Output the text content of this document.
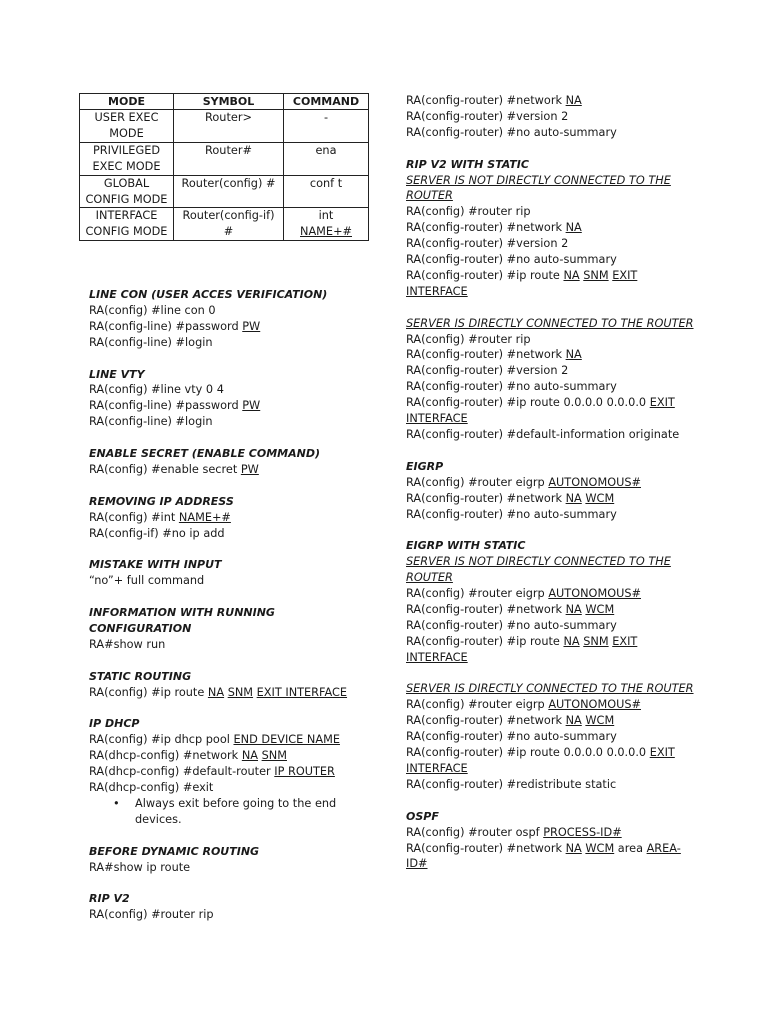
MODE	SYMBOL	COMMAND
USER EXEC MODE	Router>	-
PRIVILEGED EXEC MODE	Router#	ena
GLOBAL CONFIG MODE	Router(config) #	conf t
INTERFACE CONFIG MODE	Router(config-if) #	int
NAME+#
LINE CON (USER ACCES VERIFICATION)
RA(config) #line con 0
RA(config-line) #password PW
RA(config-line) #login
LINE VTY
RA(config) #line vty 0 4
RA(config-line) #password PW
RA(config-line) #login
ENABLE SECRET (ENABLE COMMAND)
RA(config) #enable secret PW
REMOVING IP ADDRESS
RA(config) #int NAME+#
RA(config-if) #no ip add
MISTAKE WITH INPUT
“no”+ full command
INFORMATION WITH RUNNING CONFIGURATION
RA#show run
STATIC ROUTING
RA(config) #ip route NA SNM EXIT INTERFACE
IP DHCP
RA(config) #ip dhcp pool END DEVICE NAME
RA(dhcp-config) #network NA SNM
RA(dhcp-config) #default-router IP ROUTER
RA(dhcp-config) #exit
• Always exit before going to the end devices.
BEFORE DYNAMIC ROUTING
RA#show ip route
RIP V2
RA(config) #router rip
RA(config-router) #network NA
RA(config-router) #version 2
RA(config-router) #no auto-summary
RIP V2 WITH STATIC
SERVER IS NOT DIRECTLY CONNECTED TO THE ROUTER
RA(config) #router rip
RA(config-router) #network NA
RA(config-router) #version 2
RA(config-router) #no auto-summary
RA(config-router) #ip route NA SNM EXIT INTERFACE
SERVER IS DIRECTLY CONNECTED TO THE ROUTER
RA(config) #router rip
RA(config-router) #network NA
RA(config-router) #version 2
RA(config-router) #no auto-summary
RA(config-router) #ip route 0.0.0.0 0.0.0.0 EXIT INTERFACE
RA(config-router) #default-information originate
EIGRP
RA(config) #router eigrp AUTONOMOUS#
RA(config-router) #network NA WCM
RA(config-router) #no auto-summary
EIGRP WITH STATIC
SERVER IS NOT DIRECTLY CONNECTED TO THE ROUTER
RA(config) #router eigrp AUTONOMOUS#
RA(config-router) #network NA WCM
RA(config-router) #no auto-summary
RA(config-router) #ip route NA SNM EXIT INTERFACE
SERVER IS DIRECTLY CONNECTED TO THE ROUTER
RA(config) #router eigrp AUTONOMOUS#
RA(config-router) #network NA WCM
RA(config-router) #no auto-summary
RA(config-router) #ip route 0.0.0.0 0.0.0.0 EXIT INTERFACE
RA(config-router) #redistribute static
OSPF
RA(config) #router ospf PROCESS-ID#
RA(config-router) #network NA WCM area AREA-ID#
